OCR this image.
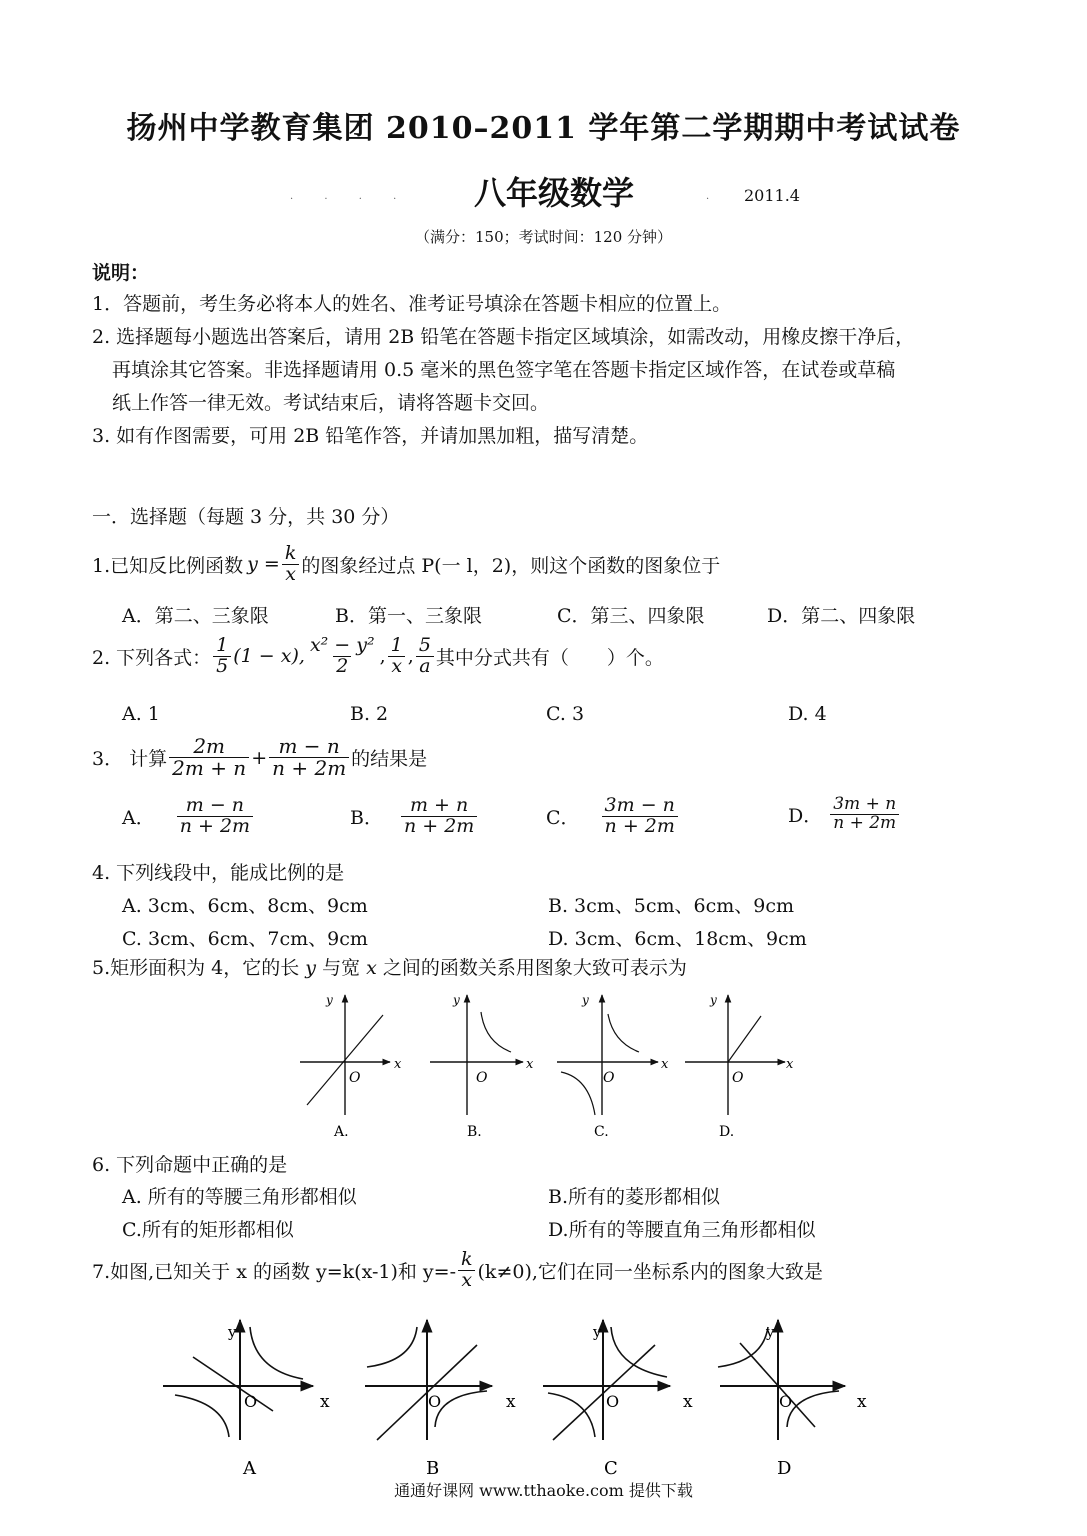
扬州中学教育集团 2010–2011 学年第二学期期中考试试卷
· · · · 八年级数学	· 2011.4
（满分：150；考试时间：120 分钟）
说明：
1．答题前，考生务必将本人的姓名、准考证号填涂在答题卡相应的位置上。
2. 选择题每小题选出答案后，请用 2B 铅笔在答题卡指定区域填涂，如需改动，用橡皮擦干净后，
再填涂其它答案。非选择题请用 0.5 毫米的黑色签字笔在答题卡指定区域作答，在试卷或草稿
纸上作答一律无效。考试结束后，请将答题卡交回。
3. 如有作图需要，可用 2B 铅笔作答，并请加黑加粗，描写清楚。
一．选择题（每题 3 分，共 30 分）
1.已知反比例函数 $y = \frac{k}{x}$ 的图象经过点 P(一 l，2)，则这个函数的图象位于
A．第二、三象限	B．第一、三象限	C．第三、四象限	D．第二、四象限
2. 下列各式： $\frac{1}{5} (1 - x)$, $\frac{\text{x² − y²}}{2}$ , $\frac{1}{x}$ , $\frac{5}{a}$ 其中分式共有（　　）个。
A. 1	B. 2	C. 3	D. 4
3． 计算 $\frac{2m}{2m + n} + \frac{m - n}{n + 2m}$ 的结果是
A． $\frac{m - n}{n + 2m}$	B． $\frac{m + n}{n + 2m}$	C． $\frac{3m - n}{n + 2m}$	D． $\frac{3m + n}{n + 2m}$
4. 下列线段中，能成比例的是
A. 3cm、6cm、8cm、9cm	B. 3cm、5cm、6cm、9cm
C. 3cm、6cm、7cm、9cm	D. 3cm、6cm、18cm、9cm
5.矩形面积为 4，它的长 y 与宽 x 之间的函数关系用图象大致可表示为
x
y
O
A.
x
y
O
B.
x
y
O
C.
x
y
O
D.
6. 下列命题中正确的是
A. 所有的等腰三角形都相似	B.所有的菱形都相似
C.所有的矩形都相似	D.所有的等腰直角三角形都相似
7.如图,已知关于 x 的函数 y=k(x-1)和 $y=- \frac{k}{x} (k\ne 0)$,它们在同一坐标系内的图象大致是
x
y
O
A
x
O
B
x
y
O
C
x
y
O
D
通通好课网 www.tthaoke.com 提供下载
